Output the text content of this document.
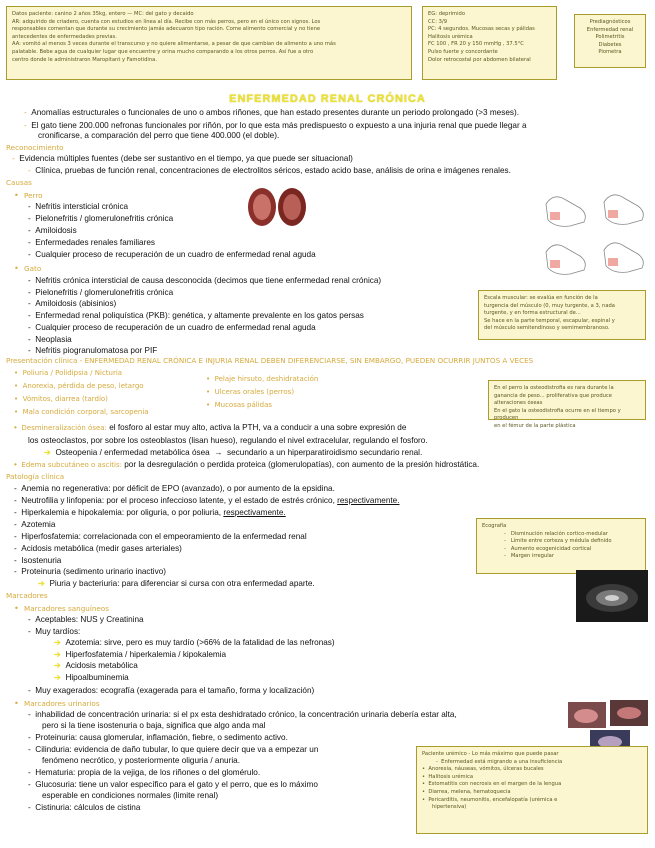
Datos paciente: canino 2 años 35kg, entero — MC: del gato y decaido

AR: adquirido de criadero, cuenta con estudios en línea al día. Recibe con más perros, pero en el único con signos. Los

responsables comentan que durante su crecimiento jamás adecuaron tipo ración. Come alimento comercial y no tiene

antecedentes de enfermedades previas.

AA: vomitó al menos 3 veces durante el transcurso y no quiere alimentarse, a pesar de que cambian de alimento a uno más

palatable. Bebe agua de cualquier lugar que encuentre y orina mucho comparando a los otros perros. Así fue a otro

centro donde le administraron Maropitant y Famotidina.

EG: deprimido

CC: 3/9

PC: 4 segundos. Mucosas secas y pálidas

Halitosis urémica

FC 100 , FR 20 y 150 mmHg , 37.5°C

Pulso fuerte y concordante

Dolor retrocostal por abdomen bilateral

Prediagnósticos

Enfermedad renal

Polimetritis

Diabetes

Piometra

ENFERMEDAD RENAL CRÓNICA
-  Anomalías estructurales o funcionales de uno o ambos riñones, que han estado presentes durante un periodo prolongado (>3 meses).
-  El gato tiene 200.000 nefronas funcionales por riñón, por lo que esta más predispuesto o expuesto a una injuria renal que puede llegar a
cronificarse, a comparación del perro que tiene 400.000 (el doble).
Reconocimiento
-  Evidencia múltiples fuentes (debe ser sustantivo en el tiempo, ya que puede ser situacional)
-  Clínica, pruebas de función renal, concentraciones de electrolitos séricos, estado acido base, análisis de orina e imágenes renales.
Causas
•  Perro
-  Nefritis intersticial crónica
-  Pielonefritis / glomerulonefritis crónica
-  Amiloidosis
-  Enfermedades renales familiares
-  Cualquier proceso de recuperación de un cuadro de enfermedad renal aguda
•  Gato
-  Nefritis crónica intersticial de causa desconocida (decimos que tiene enfermedad renal crónica)
-  Pielonefritis / glomerulonefritis crónica
-  Amiloidosis (abisinios)
-  Enfermedad renal poliquística (PKB): genética, y altamente prevalente en los gatos persas
-  Cualquier proceso de recuperación de un cuadro de enfermedad renal aguda
-  Neoplasia
-  Nefritis piogranulomatosa por PIF

Escala muscular: se evalúa en función de la

turgencia del músculo (0, muy turgente, a 3, nada

turgente, y en forma estructural de...

Se hace en la parte temporal, escapular, espinal y

del músculo semitendinoso y semimembranoso.

Presentación clínica - ENFERMEDAD RENAL CRÓNICA E INJURIA RENAL DEBEN DIFERENCIARSE, SIN EMBARGO, PUEDEN OCURRIR JUNTOS A VECES
•  Poliuria / Polidipsia / Nicturia
•  Anorexia, pérdida de peso, letargo
•  Vómitos, diarrea (tardío)
•  Mala condición corporal, sarcopenia
•  Pelaje hirsuto, deshidratación
•  Ulceras orales (perros)
•  Mucosas pálidas

En el perro la osteodistrofia es rara durante la

ganancia de peso... proliferativa que produce alteraciones óseas

En el gato la osteodistrofia ocurre en el tiempo y producen

en el fémur de la parte plástica

•  Desmineralización ósea: el fosforo al estar muy alto, activa la PTH, va a conducir a una sobre expresión de
los osteoclastos, por sobre los osteoblastos (lisan hueso), regulando el nivel extracelular, regulando el fosforo.
➔ Osteopenia / enfermedad metabólica ósea  →  secundario a un hiperparatiroidismo secundario renal.
•  Edema subcutáneo o ascitis: por la desregulación o perdida proteica (glomerulopatías), con aumento de la presión hidrostática.
Patología clínica
-  Anemia no regenerativa: por déficit de EPO (avanzado), o por aumento de la epsidina.
-  Neutrofilia y linfopenia: por el proceso infeccioso latente, y el estado de estrés crónico, respectivamente.
-  Hiperkalemia e hipokalemia: por oliguria, o por poliuria, respectivamente.
-  Azotemia
-  Hiperfosfatemia: correlacionada con el empeoramiento de la enfermedad renal
-  Acidosis metabólica (medir gases arteriales)
-  Isostenuria
-  Proteinuria (sedimento urinario inactivo)
➔ Piuria y bacteriuria: para diferenciar si cursa con otra enfermedad aparte.

Ecografía

-   Disminución relación cortico-medular

-   Límite entre corteza y médula definido

-   Aumento ecogenicidad cortical

-   Margen irregular

Marcadores
•  Marcadores sanguíneos
-  Aceptables: NUS y Creatinina
-  Muy tardíos:
➔ Azotemia: sirve, pero es muy tardío (>66% de la fatalidad de las nefronas)
➔ Hiperfosfatemia / hiperkalemia / kipokalemia
➔ Acidosis metabólica
➔ Hipoalbuminemia
-  Muy exagerados: ecografía (exagerada para el tamaño, forma y localización)
•  Marcadores urinarios
-  inhabilidad de concentración urinaria: si el px esta deshidratado crónico, la concentración urinaria debería estar alta,
pero si la tiene isostenuria o baja, significa que algo anda mal
-  Proteinuria: causa glomerular, inflamación, fiebre, o sedimento activo.
-  Cilinduria: evidencia de daño tubular, lo que quiere decir que va a empezar un
fenómeno necrótico, y posteriormente oliguria / anuria.
-  Hematuria: propia de la vejiga, de los riñones o del glomérulo.
-  Glucosuria: tiene un valor específico para el gato y el perro, que es lo máximo
esperable en condiciones normales (limite renal)
-  Cistinuria: cálculos de cistina

Paciente urémico - Lo más máximo que puede pasar

-  Enfermedad está migrando a una insuficiencia

•  Anorexia, náuseas, vómitos, úlceras bucales

•  Halitosis urémica

•  Estomatitis con necrosis en el margen de la lengua

•  Diarrea, melena, hematoquecia

•  Pericarditis, neumonitis, encefalopatía (urémica e

hipertensiva)
